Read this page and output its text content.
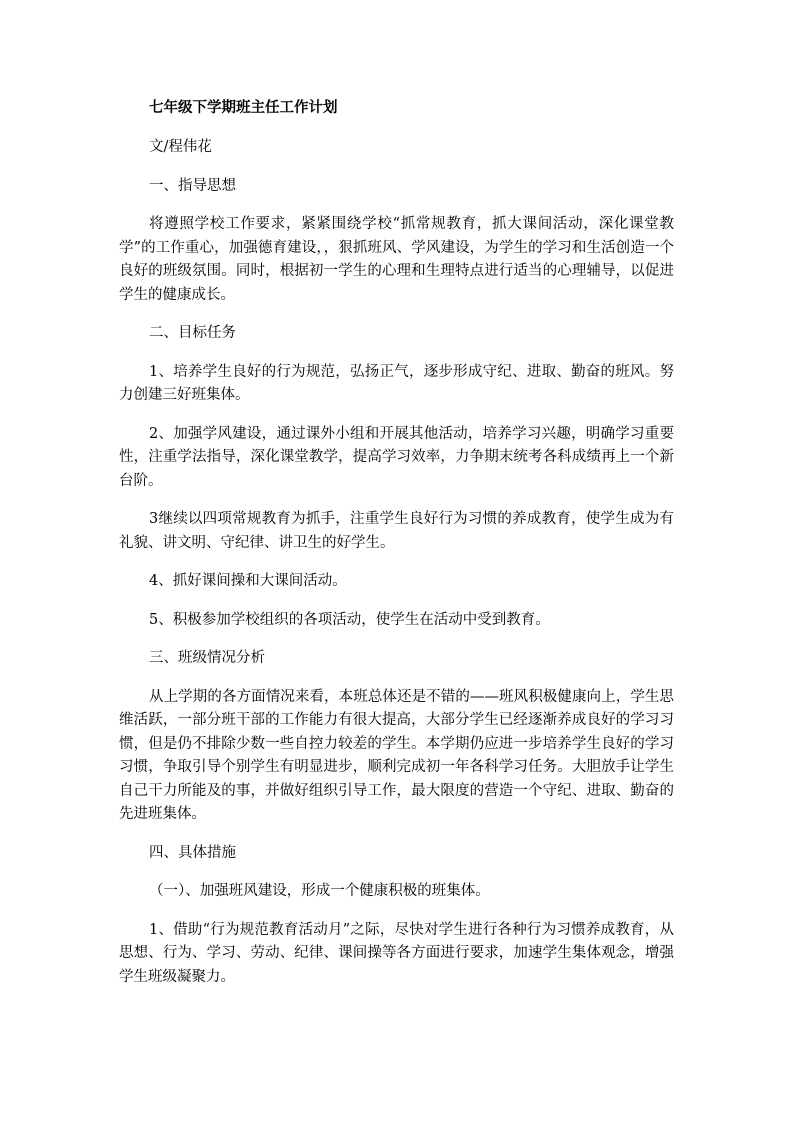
七年级下学期班主任工作计划

文/程伟花

一、指导思想

将遵照学校工作要求，紧紧围绕学校“抓常规教育，抓大课间活动，深化课堂教学”的工作重心，加强德育建设，，狠抓班风、学风建设，为学生的学习和生活创造一个良好的班级氛围。同时，根据初一学生的心理和生理特点进行适当的心理辅导，以促进学生的健康成长。

二、目标任务

1、培养学生良好的行为规范，弘扬正气，逐步形成守纪、进取、勤奋的班风。努力创建三好班集体。

2、加强学风建设，通过课外小组和开展其他活动，培养学习兴趣，明确学习重要性，注重学法指导，深化课堂教学，提高学习效率，力争期末统考各科成绩再上一个新台阶。

3继续以四项常规教育为抓手，注重学生良好行为习惯的养成教育，使学生成为有礼貌、讲文明、守纪律、讲卫生的好学生。

4、抓好课间操和大课间活动。

5、积极参加学校组织的各项活动，使学生在活动中受到教育。

三、班级情况分析

从上学期的各方面情况来看，本班总体还是不错的——班风积极健康向上，学生思维活跃，一部分班干部的工作能力有很大提高，大部分学生已经逐渐养成良好的学习习惯，但是仍不排除少数一些自控力较差的学生。本学期仍应进一步培养学生良好的学习习惯，争取引导个别学生有明显进步，顺利完成初一年各科学习任务。大胆放手让学生自己干力所能及的事，并做好组织引导工作，最大限度的营造一个守纪、进取、勤奋的先进班集体。

四、具体措施

（一）、加强班风建设，形成一个健康积极的班集体。

1、借助“行为规范教育活动月”之际，尽快对学生进行各种行为习惯养成教育，从思想、行为、学习、劳动、纪律、课间操等各方面进行要求，加速学生集体观念，增强学生班级凝聚力。
